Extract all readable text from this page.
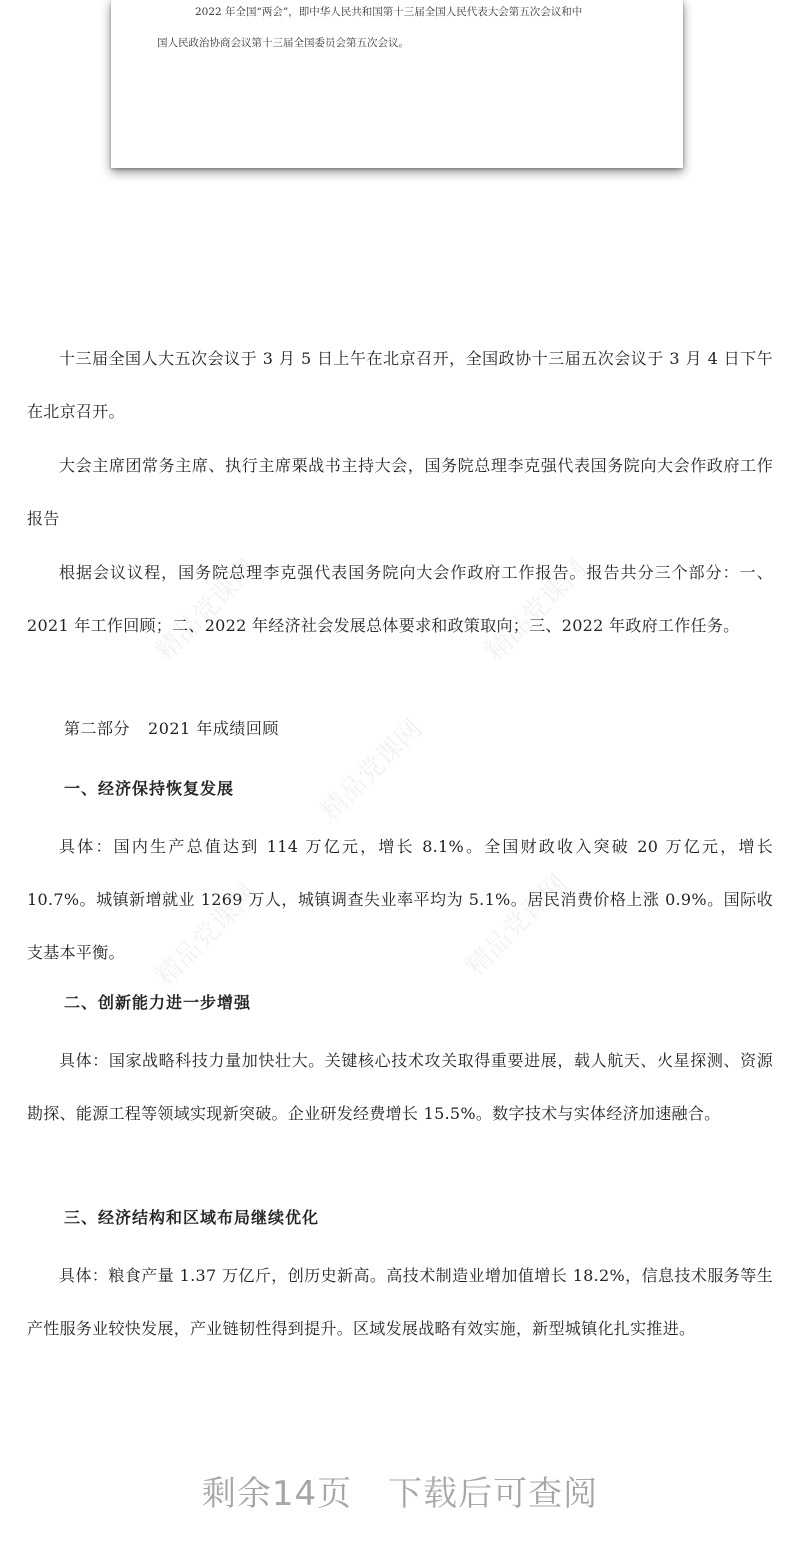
2022 年全国“两会”，即中华人民共和国第十三届全国人民代表大会第五次会议和中
国人民政治协商会议第十三届全国委员会第五次会议。
精品党课网	精品党课网
精品党课网
精品党课网	精品党课网

十三届全国人大五次会议于 3 月 5 日上午在北京召开，全国政协十三届五次会议于 3 月 4 日下午在北京召开。

大会主席团常务主席、执行主席栗战书主持大会，国务院总理李克强代表国务院向大会作政府工作报告

根据会议议程，国务院总理李克强代表国务院向大会作政府工作报告。报告共分三个部分：一、2021 年工作回顾；二、2022 年经济社会发展总体要求和政策取向；三、2022 年政府工作任务。

第二部分 2021 年成绩回顾

一、经济保持恢复发展

具体：国内生产总值达到 114 万亿元，增长 8.1%。全国财政收入突破 20 万亿元，增长 10.7%。城镇新增就业 1269 万人，城镇调查失业率平均为 5.1%。居民消费价格上涨 0.9%。国际收支基本平衡。

二、创新能力进一步增强

具体：国家战略科技力量加快壮大。关键核心技术攻关取得重要进展，载人航天、火星探测、资源勘探、能源工程等领域实现新突破。企业研发经费增长 15.5%。数字技术与实体经济加速融合。

三、经济结构和区域布局继续优化

具体：粮食产量 1.37 万亿斤，创历史新高。高技术制造业增加值增长 18.2%，信息技术服务等生产性服务业较快发展，产业链韧性得到提升。区域发展战略有效实施，新型城镇化扎实推进。

剩余14页 下载后可查阅
